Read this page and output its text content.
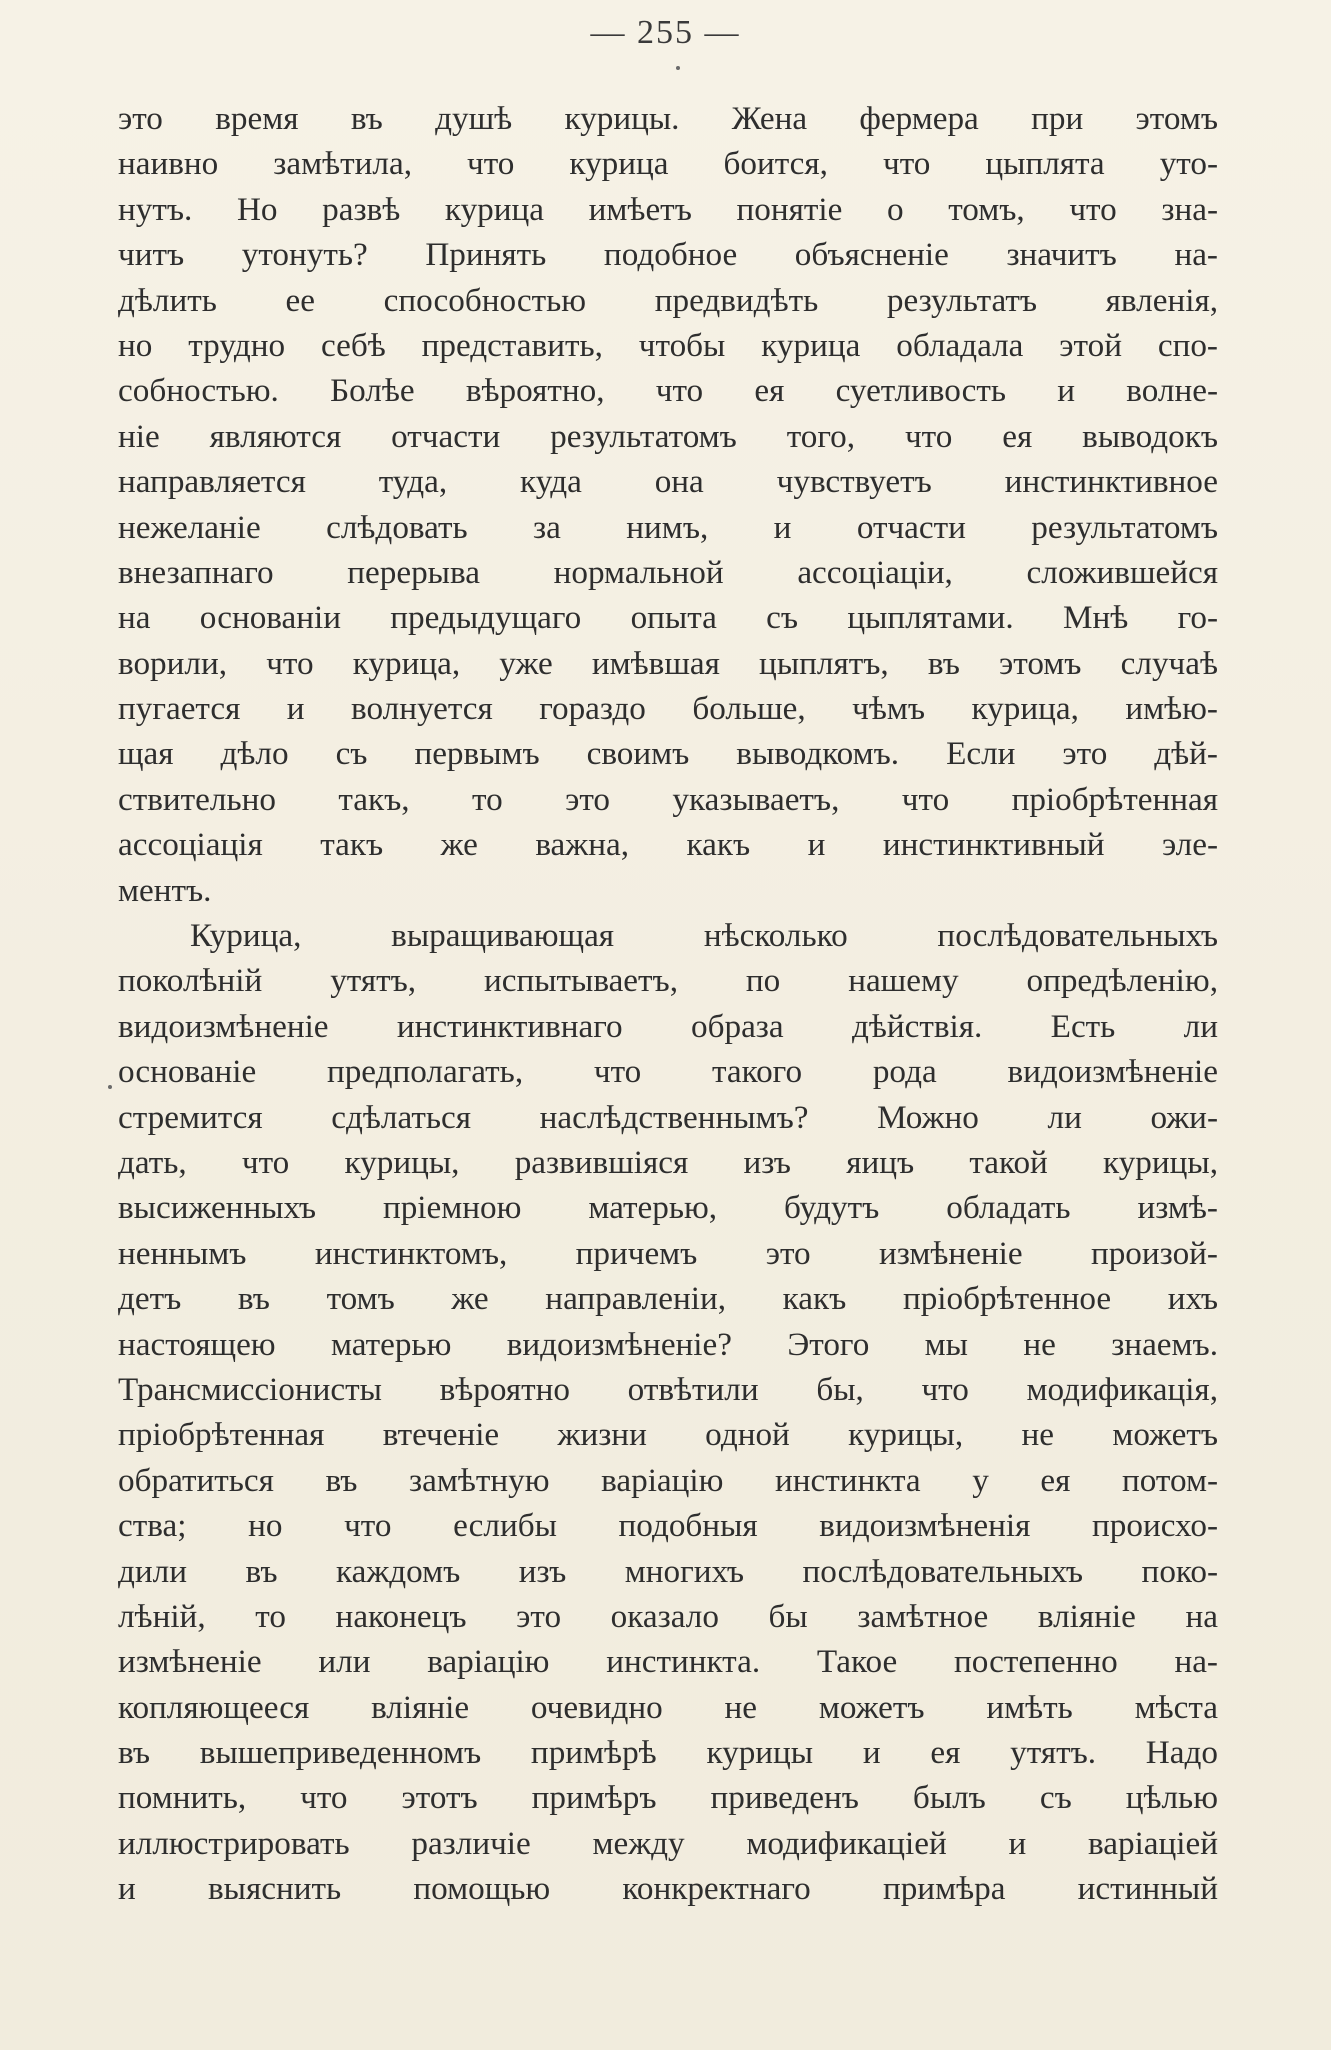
— 255 —
это время въ душѣ курицы. Жена фермера при этомъ
наивно замѣтила, что курица боится, что цыплята уто-
нутъ. Но развѣ курица имѣетъ понятіе о томъ, что зна-
читъ утонуть? Принять подобное объясненіе значитъ на-
дѣлить ее способностью предвидѣть результатъ явленія,
но трудно себѣ представить, чтобы курица обладала этой спо-
собностью. Болѣе вѣроятно, что ея суетливость и волне-
ніе являются отчасти результатомъ того, что ея выводокъ
направляется туда, куда она чувствуетъ инстинктивное
нежеланіе слѣдовать за нимъ, и отчасти результатомъ
внезапнаго перерыва нормальной ассоціаціи, сложившейся
на основаніи предыдущаго опыта съ цыплятами. Мнѣ го-
ворили, что курица, уже имѣвшая цыплятъ, въ этомъ случаѣ
пугается и волнуется гораздо больше, чѣмъ курица, имѣю-
щая дѣло съ первымъ своимъ выводкомъ. Если это дѣй-
ствительно такъ, то это указываетъ, что пріобрѣтенная
ассоціація такъ же важна, какъ и инстинктивный эле-
ментъ.
Курица, выращивающая нѣсколько послѣдовательныхъ
поколѣній утятъ, испытываетъ, по нашему опредѣленію,
видоизмѣненіе инстинктивнаго образа дѣйствія. Есть ли
основаніе предполагать, что такого рода видоизмѣненіе
стремится сдѣлаться наслѣдственнымъ? Можно ли ожи-
дать, что курицы, развившіяся изъ яицъ такой курицы,
высиженныхъ пріемною матерью, будутъ обладать измѣ-
неннымъ инстинктомъ, причемъ это измѣненіе произой-
детъ въ томъ же направленіи, какъ пріобрѣтенное ихъ
настоящею матерью видоизмѣненіе? Этого мы не знаемъ.
Трансмиссіонисты вѣроятно отвѣтили бы, что модификація,
пріобрѣтенная втеченіе жизни одной курицы, не можетъ
обратиться въ замѣтную варіацію инстинкта у ея потом-
ства; но что еслибы подобныя видоизмѣненія происхо-
дили въ каждомъ изъ многихъ послѣдовательныхъ поко-
лѣній, то наконецъ это оказало бы замѣтное вліяніе на
измѣненіе или варіацію инстинкта. Такое постепенно на-
копляющееся вліяніе очевидно не можетъ имѣть мѣста
въ вышеприведенномъ примѣрѣ курицы и ея утятъ. Надо
помнить, что этотъ примѣръ приведенъ былъ съ цѣлью
иллюстрировать различіе между модификаціей и варіаціей
и выяснить помощью конкректнаго примѣра истинный
